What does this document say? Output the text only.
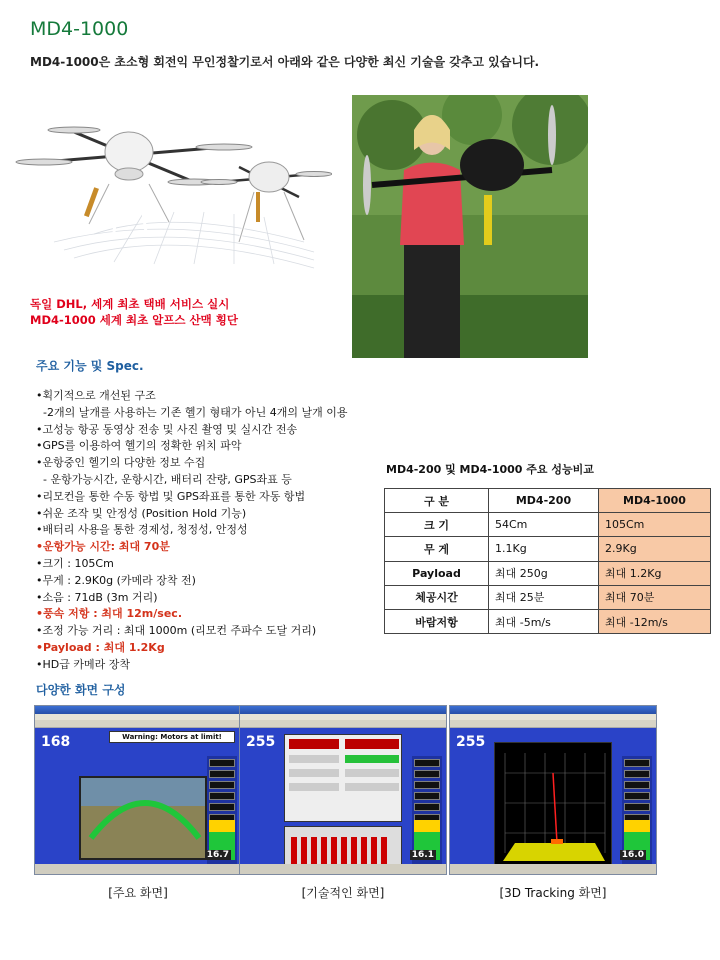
MD4-1000
MD4-1000은 초소형 회전익 무인정찰기로서 아래와 같은 다양한 최신 기술을 갖추고 있습니다.
독일 DHL, 세계 최초 택배 서비스 실시
MD4-1000 세계 최초 알프스 산맥 횡단
주요 기능 및 Spec.
•획기적으로 개선된 구조
-2개의 날개를 사용하는 기존 헬기 형태가 아닌 4개의 날개 이용
•고성능 항공 동영상 전송 및 사진 촬영 및 실시간 전송
•GPS를 이용하여 헬기의 정확한 위치 파악
•운항중인 헬기의 다양한 정보 수집
- 운항가능시간, 운항시간, 배터리 잔량, GPS좌표 등
•리모컨을 통한 수동 항법 및 GPS좌표를 통한 자동 항법
•쉬운 조작 및 안정성 (Position Hold 기능)
•배터리 사용을 통한 경제성, 청정성, 안정성
•운항가능 시간: 최대 70분
•크기 : 105Cm
•무게 : 2.9K0g (카메라 장착 전)
•소음 : 71dB (3m 거리)
•풍속 저항 : 최대 12m/sec.
•조정 가능 거리 : 최대 1000m (리모컨 주파수 도달 거리)
•Payload : 최대 1.2Kg
•HD급 카메라 장착
MD4-200 및 MD4-1000 주요 성능비교
구 분	MD4-200	MD4-1000
크 기	54Cm	105Cm
무 게	1.1Kg	2.9Kg
Payload	최대 250g	최대 1.2Kg
체공시간	최대 25분	최대 70분
바람저항	최대 -5m/s	최대 -12m/s
다양한 화면 구성
Warning: Motors at limit!
168
16.7
255
16.1
255
16.0
[주요 화면]	[기술적인 화면]	[3D Tracking 화면]
